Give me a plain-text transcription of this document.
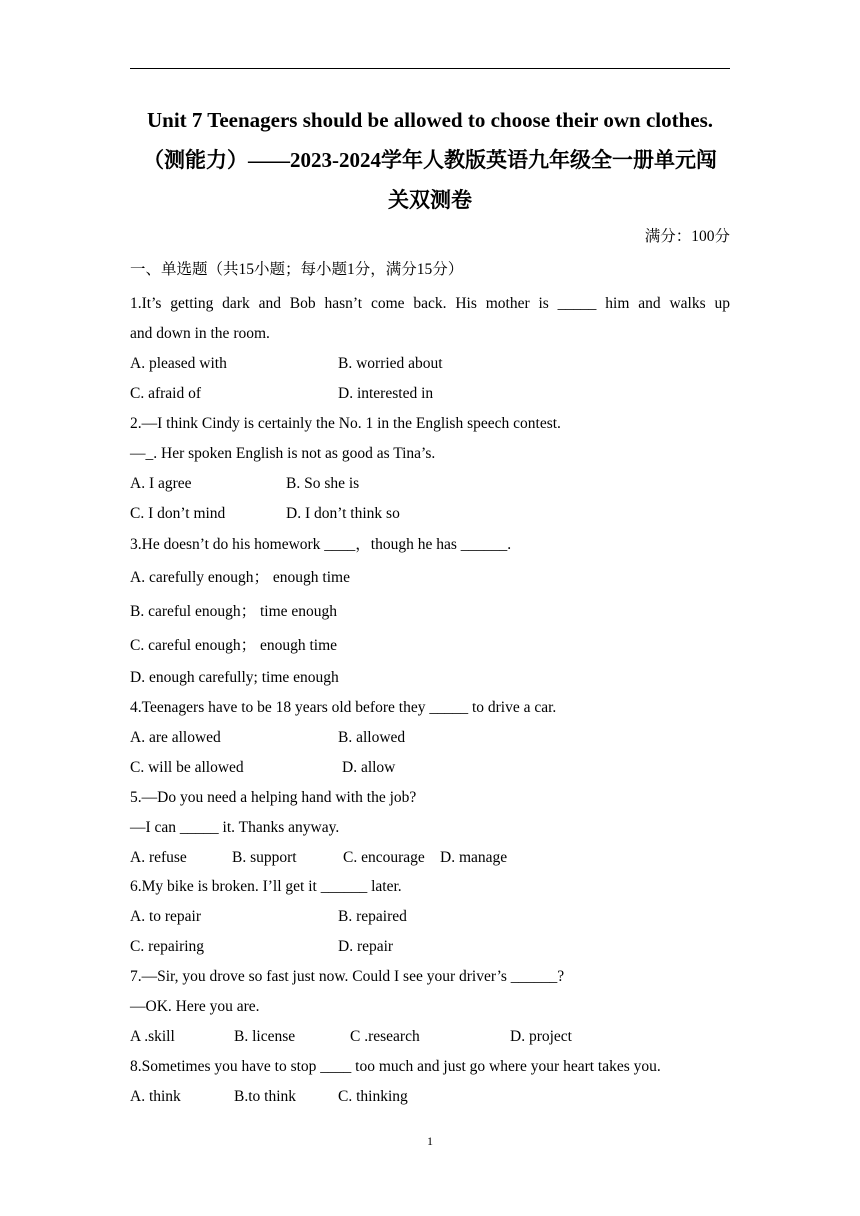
Unit 7 Teenagers should be allowed to choose their own clothes.
（测能力）——2023-2024学年人教版英语九年级全一册单元闯
关双测卷
满分：100分
一、单选题（共15小题；每小题1分，满分15分）
1.It’s getting dark and Bob hasn’t come back. His mother is _____ him and walks up
and down in the room.
A. pleased with	B. worried about
C. afraid of	D. interested in
2.—I think Cindy is certainly the No. 1 in the English speech contest.
—_. Her spoken English is not as good as Tina’s.
A. I agree	B. So she is
C. I don’t mind	D. I don’t think so
3.He doesn’t do his homework ____，though he has ______.
A. carefully enough； enough time
B. careful enough； time enough
C. careful enough； enough time
D. enough carefully; time enough
4.Teenagers have to be 18 years old before they _____ to drive a car.
A. are allowed	B. allowed
C. will be allowed	D. allow
5.—Do you need a helping hand with the job?
—I can _____ it. Thanks anyway.
A. refuse	B. support	C. encourage D. manage
6.My bike is broken. I’ll get it ______ later.
A. to repair	B. repaired
C. repairing	D. repair
7.—Sir, you drove so fast just now. Could I see your driver’s ______?
—OK. Here you are.
A .skill	B. license	C .research	D. project
8.Sometimes you have to stop ____ too much and just go where your heart takes you.
A. think	B.to think	C. thinking
1
